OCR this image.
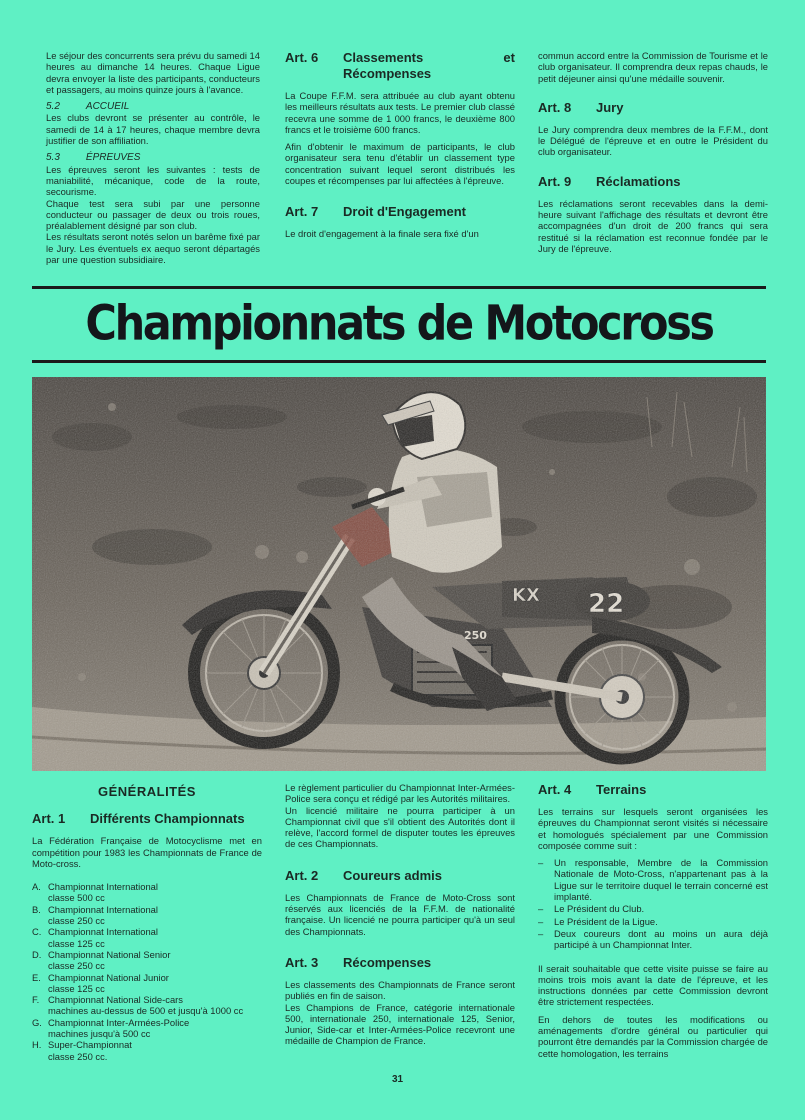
Le séjour des concurrents sera prévu du samedi 14 heures au dimanche 14 heures. Chaque Ligue devra envoyer la liste des participants, conducteurs et passagers, au moins quinze jours à l'avance.

5.2	ACCUEIL

Les clubs devront se présenter au contrôle, le samedi de 14 à 17 heures, chaque membre devra justifier de son affiliation.

5.3	ÉPREUVES

Les épreuves seront les suivantes : tests de maniabilité, mécanique, code de la route, secourisme.

Chaque test sera subi par une personne conducteur ou passager de deux ou trois roues, préalablement désigné par son club.

Les résultats seront notés selon un barême fixé par le Jury. Les éventuels ex aequo seront départagés par une question subsidiaire.

Art. 6	Classements et Récompenses

La Coupe F.F.M. sera attribuée au club ayant obtenu les meilleurs résultats aux tests. Le premier club classé recevra une somme de 1 000 francs, le deuxième 800 francs et le troisième 600 francs.

Afin d'obtenir le maximum de participants, le club organisateur sera tenu d'établir un classement type concentration suivant lequel seront distribués les coupes et récompenses par lui affectées à l'épreuve.

Art. 7	Droit d'Engagement

Le droit d'engagement à la finale sera fixé d'un

commun accord entre la Commission de Tourisme et le club organisateur. Il comprendra deux repas chauds, le petit déjeuner ainsi qu'une médaille souvenir.

Art. 8	Jury

Le Jury comprendra deux membres de la F.F.M., dont le Délégué de l'épreuve et en outre le Président du club organisateur.

Art. 9	Réclamations

Les réclamations seront recevables dans la demi-heure suivant l'affichage des résultats et devront être accompagnées d'un droit de 200 francs qui sera restitué si la réclamation est reconnue fondée par le Jury de l'épreuve.

Championnats de Motocross
GÉNÉRALITÉS
Art. 1	Différents Championnats

La Fédération Française de Motocyclisme met en compétition pour 1983 les Championnats de France de Moto-cross.

A. Championnat International
classe 500 cc
B. Championnat International
classe 250 cc
C. Championnat International
classe 125 cc
D. Championnat National Senior
classe 250 cc
E. Championnat National Junior
classe 125 cc
F. Championnat National Side-cars
machines au-dessus de 500 et jusqu'à 1000 cc
G. Championnat Inter-Armées-Police
machines jusqu'à 500 cc
H. Super-Championnat
classe 250 cc.

Le règlement particulier du Championnat Inter-Armées-Police sera conçu et rédigé par les Autorités militaires.

Un licencié militaire ne pourra participer à un Championnat civil que s'il obtient des Autorités dont il relève, l'accord formel de disputer toutes les épreuves de ces Championnats.

Art. 2	Coureurs admis

Les Championnats de France de Moto-Cross sont réservés aux licenciés de la F.F.M. de nationalité française. Un licencié ne pourra participer qu'à un seul des Championnats.

Art. 3	Récompenses

Les classements des Championnats de France seront publiés en fin de saison.

Les Champions de France, catégorie internationale 500, internationale 250, internationale 125, Senior, Junior, Side-car et Inter-Armées-Police recevront une médaille de Champion de France.

Art. 4	Terrains

Les terrains sur lesquels seront organisées les épreuves du Championnat seront visités si nécessaire et homologués spécialement par une Commission composée comme suit :

–	Un responsable, Membre de la Commission Nationale de Moto-Cross, n'appartenant pas à la Ligue sur le territoire duquel le terrain concerné est implanté.
–	Le Président du Club.
–	Le Président de la Ligue.
–	Deux coureurs dont au moins un aura déjà participé à un Championnat Inter.

Il serait souhaitable que cette visite puisse se faire au moins trois mois avant la date de l'épreuve, et les instructions données par cette Commission devront être strictement respectées.

En dehors de toutes les modifications ou aménagements d'ordre général ou particulier qui pourront être demandés par la Commission chargée de cette homologation, les terrains

31
